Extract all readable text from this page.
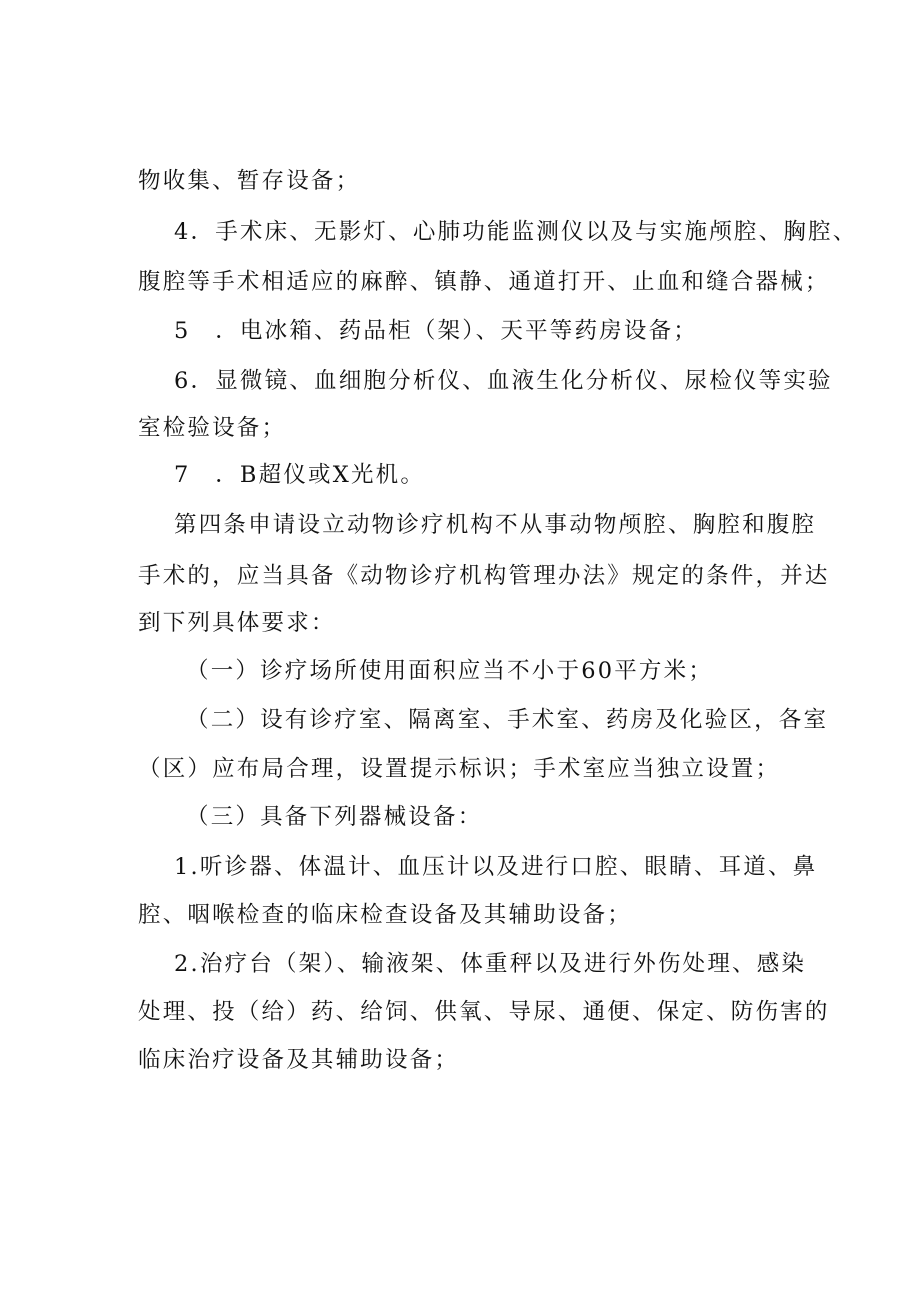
物收集、暂存设备；
4．手术床、无影灯、心肺功能监测仪以及与实施颅腔、胸腔、
腹腔等手术相适应的麻醉、镇静、通道打开、止血和缝合器械；
5　．电冰箱、药品柜（架）、天平等药房设备；
6．显微镜、血细胞分析仪、血液生化分析仪、尿检仪等实验
室检验设备；
7　．B超仪或X光机。
第四条申请设立动物诊疗机构不从事动物颅腔、胸腔和腹腔
手术的，应当具备《动物诊疗机构管理办法》规定的条件，并达
到下列具体要求：
（一）诊疗场所使用面积应当不小于60平方米；
（二）设有诊疗室、隔离室、手术室、药房及化验区，各室
（区）应布局合理，设置提示标识；手术室应当独立设置；
（三）具备下列器械设备：
1.听诊器、体温计、血压计以及进行口腔、眼睛、耳道、鼻
腔、咽喉检查的临床检查设备及其辅助设备；
2.治疗台（架）、输液架、体重秤以及进行外伤处理、感染
处理、投（给）药、给饲、供氧、导尿、通便、保定、防伤害的
临床治疗设备及其辅助设备；
